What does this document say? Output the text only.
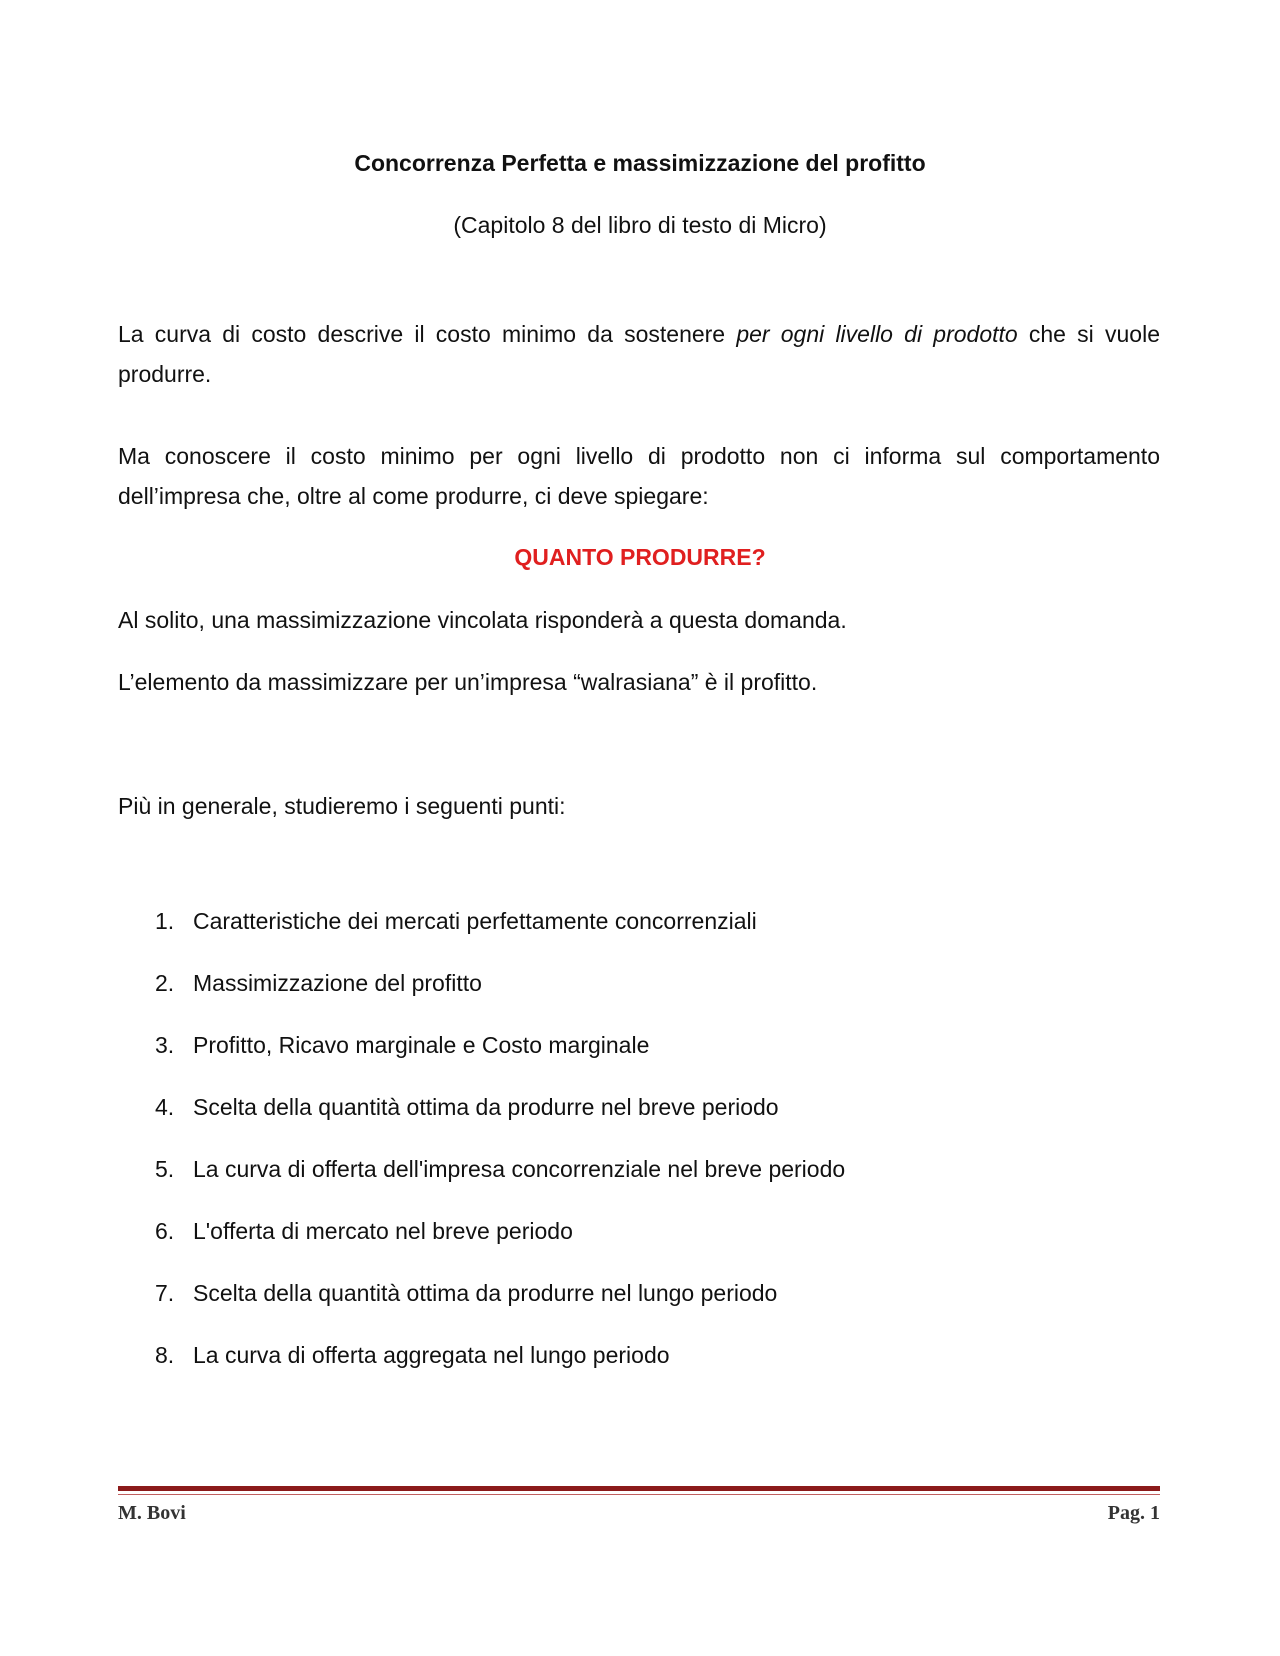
Concorrenza Perfetta e massimizzazione del profitto

(Capitolo 8 del libro di testo di Micro)

La curva di costo descrive il costo minimo da sostenere per ogni livello di prodotto che si vuole produrre.

Ma conoscere il costo minimo per ogni livello di prodotto non ci informa sul comportamento dell’impresa che, oltre al come produrre, ci deve spiegare:

QUANTO PRODURRE?

Al solito, una massimizzazione vincolata risponderà a questa domanda.

L’elemento da massimizzare per un’impresa “walrasiana” è il profitto.

Più in generale, studieremo i seguenti punti:

1. Caratteristiche dei mercati perfettamente concorrenziali
2. Massimizzazione del profitto
3. Profitto, Ricavo marginale e Costo marginale
4. Scelta della quantità ottima da produrre nel breve periodo
5. La curva di offerta dell'impresa concorrenziale nel breve periodo
6. L'offerta di mercato nel breve periodo
7. Scelta della quantità ottima da produrre nel lungo periodo
8. La curva di offerta aggregata nel lungo periodo
M. Bovi	Pag. 1
